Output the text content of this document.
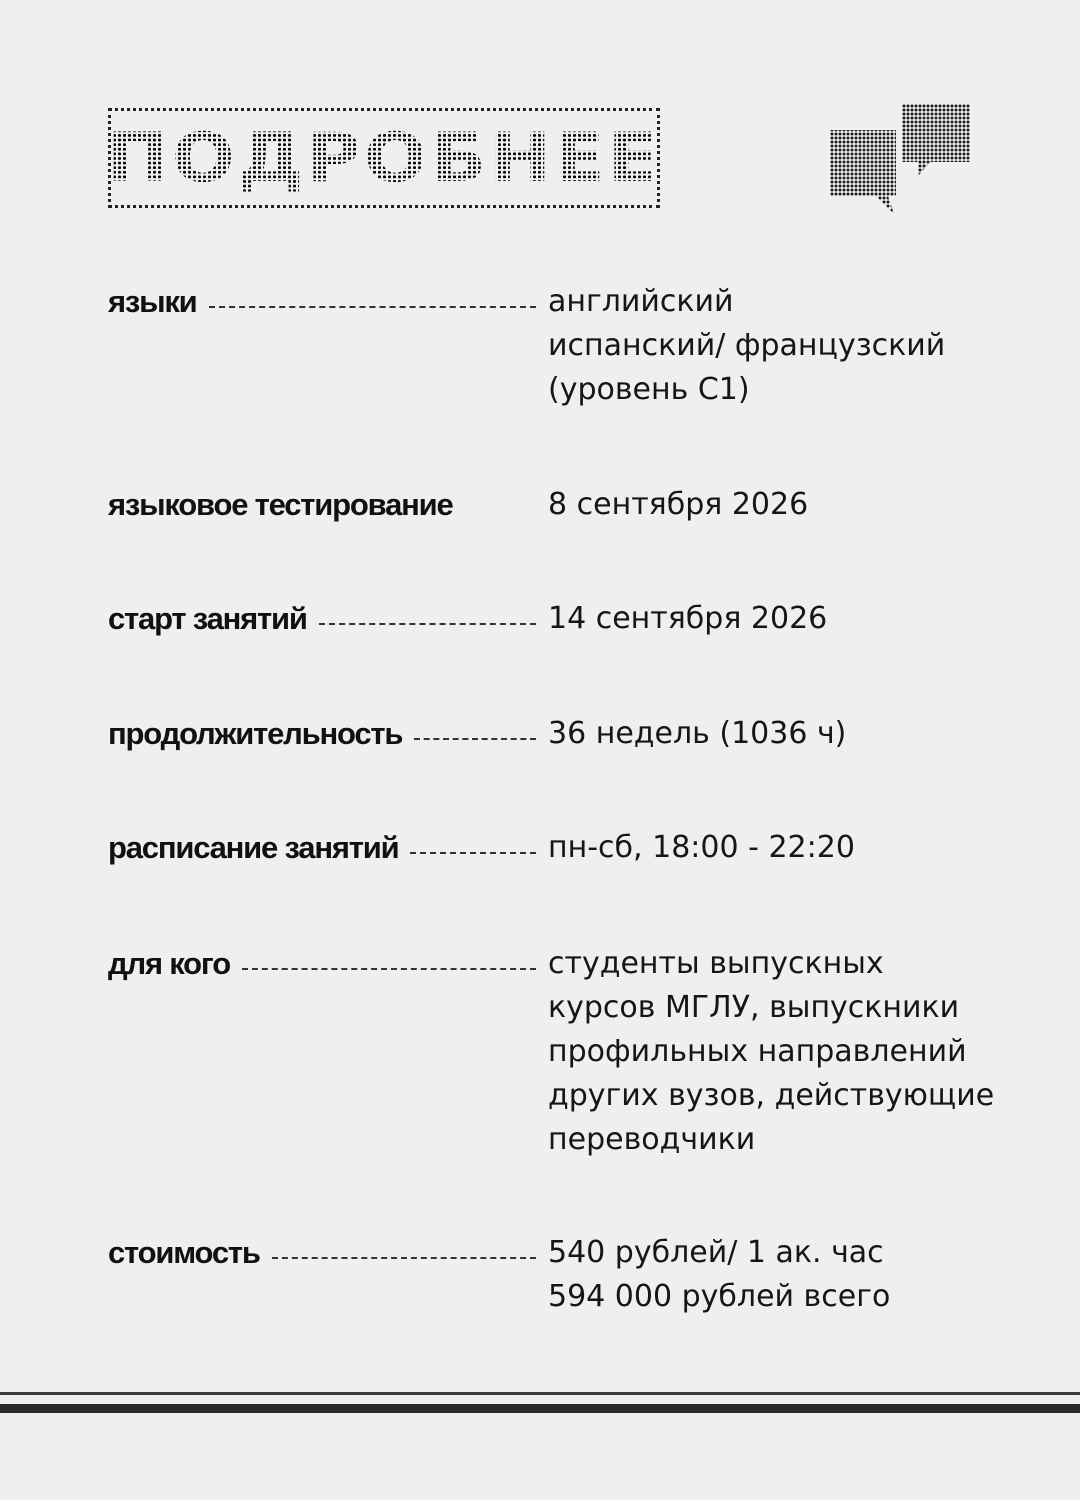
ПОДРОБНЕЕ
языки	английский
испанский/ французский
(уровень С1)
языковое тестирование	8 сентября 2026
старт занятий	14 сентября 2026
продолжительность	36 недель (1036 ч)
расписание занятий	пн-сб, 18:00 - 22:20
для кого	студенты выпускных
курсов МГЛУ, выпускники
профильных направлений
других вузов, действующие
переводчики
стоимость	540 рублей/ 1 ак. час
594 000 рублей всего
